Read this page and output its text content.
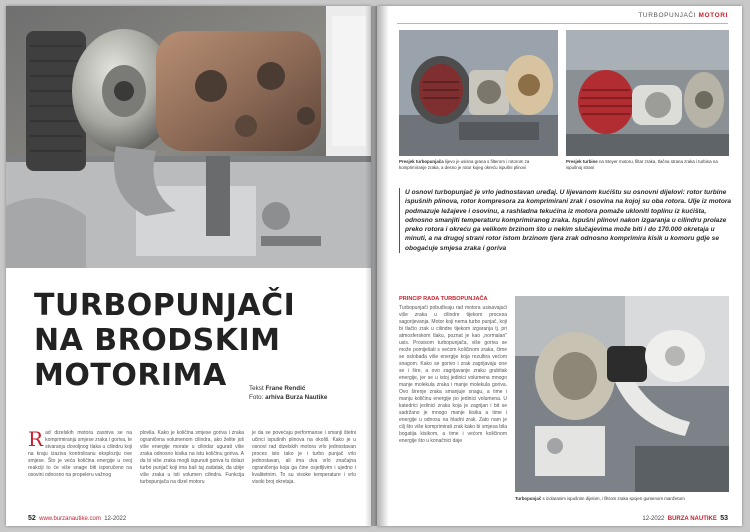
TURBOPUNJAČI
NA BRODSKIM
MOTORIMA	Tekst Frane Rendić
Foto: arhiva Burza Nautike
Rad dizelskih motora zasniva se na komprimiranju smjese zraka i goriva, te stvaranju dovoljnog tlaka u cilindru koji na kraju izaziva kontroliranu eksploziju ove smjese. Što je veća količina energije u ovoj reakciji to će više snage biti isporučeno na osovini odnosno na propeleru važnog
plovila. Kako je količina smjese goriva i zraka ograničena volumenom cilindra, ako želite još više energije morate u cilindar ugurati više zraka odnosno kisika na istu količinu goriva. A da bi više zraka mogli ispunuti goriva tu dolazi turbo punjač koji ima baš taj zadatak, da ubije više zraka u isti volumen cilindra. Funkcija turbopunjača na dizel motoru
je da se povećaju performanse i smanji štetni učinci ispušnih plinova na okoliš. Kako je u osnovi rad dizelskih motora vrlo jednostavan proces isto tako je i turbo punjač vrlo jednostavan, ali ima dva vrlo značajna ograničenja koja ga čine osjetljivim i ujedno i kvalitetnim. To su visoke temperature i vrlo visoki broj okretaja.
52 www.burzanautike.com 12-2022
TURBOPUNJAČI MOTORI
Presjek turbopunjača lijevo je usisna grana s filterom i rotorom za komprimiranje zraka, a desno je rotor kojeg okreću ispušni plinovi
Presjek turbine na Steyer motoru, filtar zraka, tlačna strana zraka i turbina na ispušnoj strani

U osnovi turbopunjač je vrlo jednostavan uređaj. U lijevanom kućištu su osnovni dijelovi: rotor turbine ispušnih plinova, rotor kompresora za komprimirani zrak i osovina na kojoj su oba rotora. Ulje iz motora podmazuje ležajeve i osovinu, a rashladna tekućina iz motora pomaže ukloniti toplinu iz kućišta, odnosno smanjiti temperaturu komprimiranog zraka. Ispušni plinovi nakon izgaranja u cilindru prolaze preko rotora i okreću ga velikom brzinom što u nekim slučajevima može biti i do 170.000 okretaja u minuti, a na drugoj strani rotor istom brzinom tjera zrak odnosno komprimira kisik u komoru gdje se obogaćuje smjesa zraka i goriva

PRINCIP RADA TURBOPUNJAČA
Turbopunjači pobuđivaju rad motora usisavajući više zraka u cilindre tijekom procesa sagorijevanja. Motor koji nema turbo punjač, koji bi tlačio zrak u cilindre tijekom izgaranja tj. pri atmosferskom tlaku, poznat je kao „normalan" usis. Prosisom turbopunjača, više goriva se može pomiješati s većom količinom zraka, čime se oslobađa više energije koja rezultira većom snagom. Kako se gorivo i zrak zagrijavaju one se i šire, a ovo zagrijavanje zraku grubitak energije, jer se u istoj jedinici volumena mnogo manje molekula zraka i manje molekula goriva. Ovo širenje zraka smanjuje snagu, a time i manju količinu energije po jedinici volumena. U katedrici jedinici zraka koja je zagrijan i bit se sadržano je mnogo manje kisika a time i energije u odnosu na hladni zrak. Zato nam je cilj što više komprimirati zrak kako bi smjesa bila bogatija kisikom, a time i većom količinom energije što u konačnici daje
Turbopunjač s izolaranim ispušnim dijelom, i filtrom zraka spojen gumenom manžetom
12-2022 BURZA NAUTIKE 53
